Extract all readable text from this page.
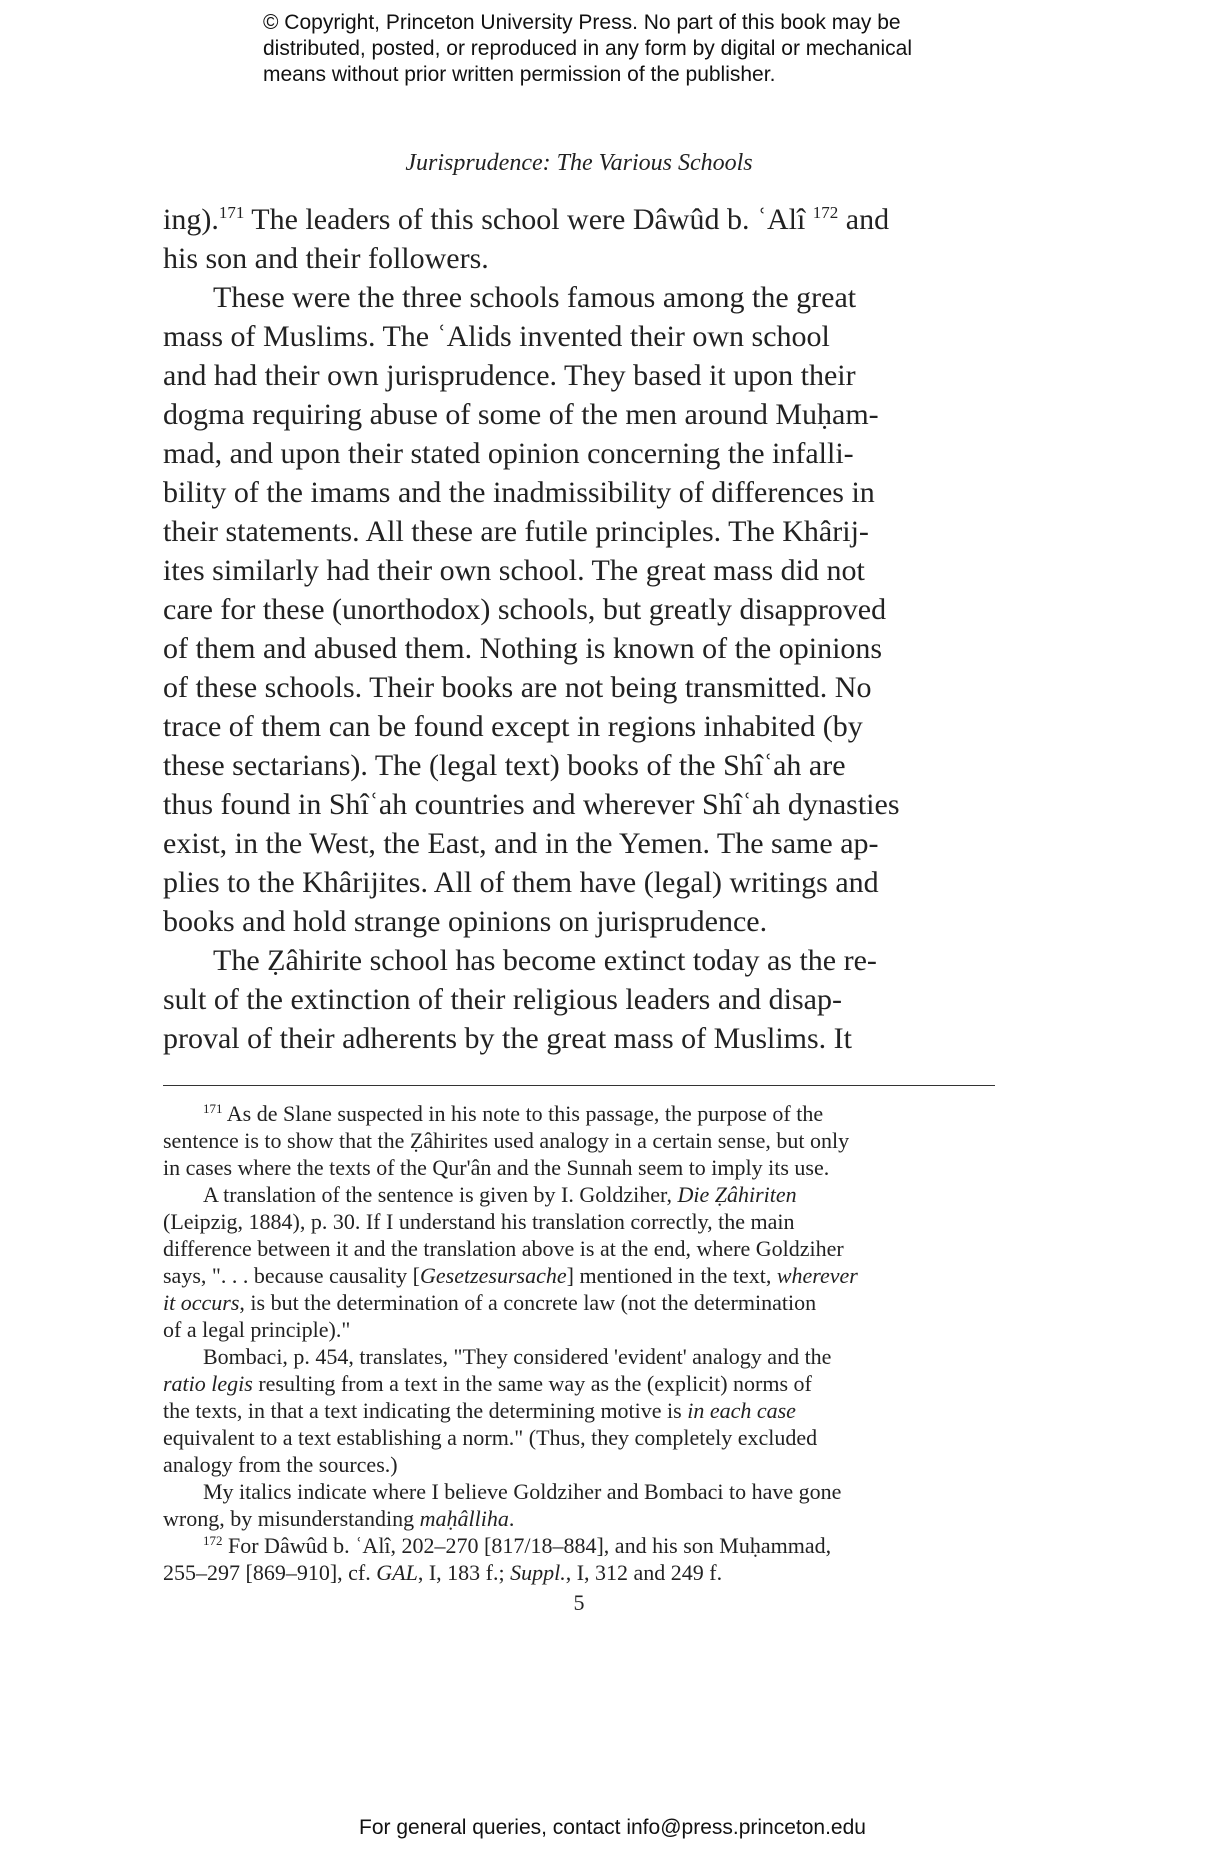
© Copyright, Princeton University Press. No part of this book may be
distributed, posted, or reproduced in any form by digital or mechanical
means without prior written permission of the publisher.
Jurisprudence: The Various Schools
ing).$^{171}$ The leaders of this school were Dâwûd b. ʿAlî $^{172}$ and
his son and their followers.
These were the three schools famous among the great
mass of Muslims. The ʿAlids invented their own school
and had their own jurisprudence. They based it upon their
dogma requiring abuse of some of the men around Muḥam-
mad, and upon their stated opinion concerning the infalli-
bility of the imams and the inadmissibility of differences in
their statements. All these are futile principles. The Khârij-
ites similarly had their own school. The great mass did not
care for these (unorthodox) schools, but greatly disapproved
of them and abused them. Nothing is known of the opinions
of these schools. Their books are not being transmitted. No
trace of them can be found except in regions inhabited (by
these sectarians). The (legal text) books of the Shîʿah are
thus found in Shîʿah countries and wherever Shîʿah dynasties
exist, in the West, the East, and in the Yemen. The same ap-
plies to the Khârijites. All of them have (legal) writings and
books and hold strange opinions on jurisprudence.
The Ẓâhirite school has become extinct today as the re-
sult of the extinction of their religious leaders and disap-
proval of their adherents by the great mass of Muslims. It
$^{171}$ As de Slane suspected in his note to this passage, the purpose of the
sentence is to show that the Ẓâhirites used analogy in a certain sense, but only
in cases where the texts of the Qur'ân and the Sunnah seem to imply its use.
A translation of the sentence is given by I. Goldziher, Die Ẓâhiriten
(Leipzig, 1884), p. 30. If I understand his translation correctly, the main
difference between it and the translation above is at the end, where Goldziher
says, ". . . because causality [Gesetzesursache] mentioned in the text, wherever
it occurs, is but the determination of a concrete law (not the determination
of a legal principle)."
Bombaci, p. 454, translates, "They considered 'evident' analogy and the
ratio legis resulting from a text in the same way as the (explicit) norms of
the texts, in that a text indicating the determining motive is in each case
equivalent to a text establishing a norm." (Thus, they completely excluded
analogy from the sources.)
My italics indicate where I believe Goldziher and Bombaci to have gone
wrong, by misunderstanding maḥâlliha.
$^{172}$ For Dâwûd b. ʿAlî, 202–270 [817/18–884], and his son Muḥammad,
255–297 [869–910], cf. GAL, I, 183 f.; Suppl., I, 312 and 249 f.
5
For general queries, contact info@press.princeton.edu
